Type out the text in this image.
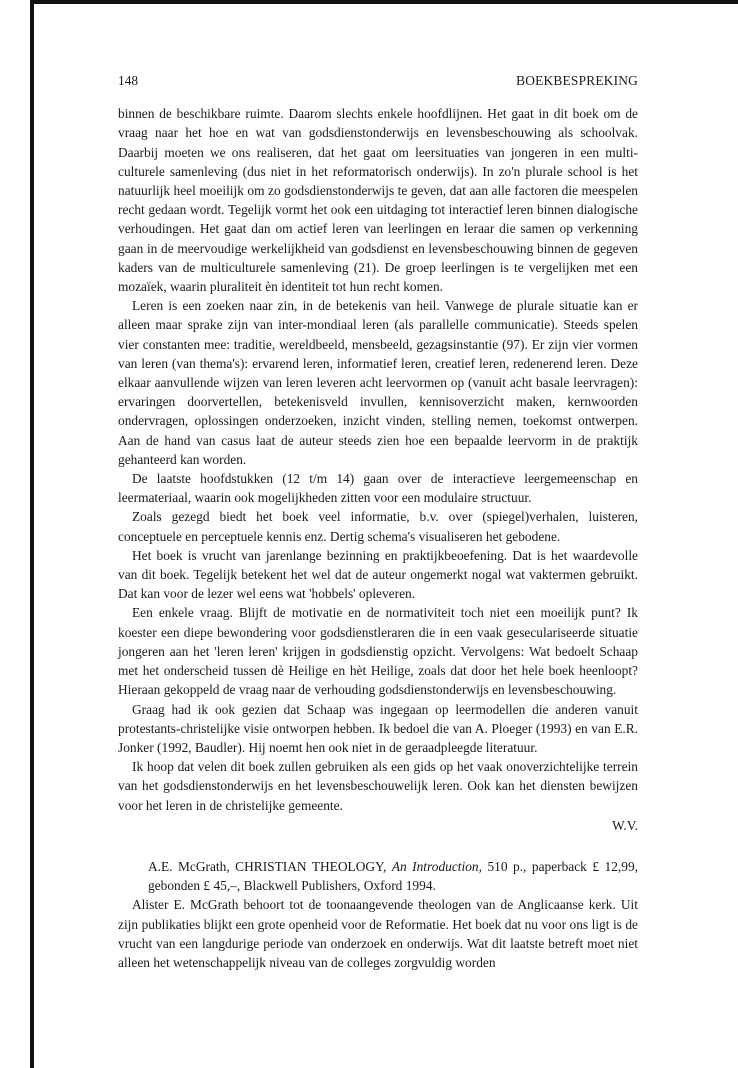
148	BOEKBESPREKING

binnen de beschikbare ruimte. Daarom slechts enkele hoofdlijnen. Het gaat in dit boek om de vraag naar het hoe en wat van godsdienstonderwijs en levensbeschouwing als schoolvak. Daarbij moeten we ons realiseren, dat het gaat om leersituaties van jongeren in een multi-culturele samenleving (dus niet in het reformatorisch onderwijs). In zo'n plurale school is het natuurlijk heel moeilijk om zo godsdienstonderwijs te geven, dat aan alle factoren die meespelen recht gedaan wordt. Tegelijk vormt het ook een uitdaging tot interactief leren binnen dialogische verhoudingen. Het gaat dan om actief leren van leerlingen en leraar die samen op verkenning gaan in de meervoudige werkelijkheid van godsdienst en levensbeschouwing binnen de gegeven kaders van de multiculturele samenleving (21). De groep leerlingen is te vergelijken met een mozaïek, waarin pluraliteit èn identiteit tot hun recht komen.

Leren is een zoeken naar zin, in de betekenis van heil. Vanwege de plurale situatie kan er alleen maar sprake zijn van inter-mondiaal leren (als parallelle communicatie). Steeds spelen vier constanten mee: traditie, wereldbeeld, mensbeeld, gezagsinstantie (97). Er zijn vier vormen van leren (van thema's): ervarend leren, informatief leren, creatief leren, redenerend leren. Deze elkaar aanvullende wijzen van leren leveren acht leervormen op (vanuit acht basale leervragen): ervaringen doorvertellen, betekenisveld invullen, kennisoverzicht maken, kernwoorden ondervragen, oplossingen onderzoeken, inzicht vinden, stelling nemen, toekomst ontwerpen. Aan de hand van casus laat de auteur steeds zien hoe een bepaalde leervorm in de praktijk gehanteerd kan worden.

De laatste hoofdstukken (12 t/m 14) gaan over de interactieve leergemeenschap en leermateriaal, waarin ook mogelijkheden zitten voor een modulaire structuur.

Zoals gezegd biedt het boek veel informatie, b.v. over (spiegel)verhalen, luisteren, conceptuele en perceptuele kennis enz. Dertig schema's visualiseren het gebodene.

Het boek is vrucht van jarenlange bezinning en praktijkbeoefening. Dat is het waardevolle van dit boek. Tegelijk betekent het wel dat de auteur ongemerkt nogal wat vaktermen gebruikt. Dat kan voor de lezer wel eens wat 'hobbels' opleveren.

Een enkele vraag. Blijft de motivatie en de normativiteit toch niet een moeilijk punt? Ik koester een diepe bewondering voor godsdienstleraren die in een vaak geseculariseerde situatie jongeren aan het 'leren leren' krijgen in godsdienstig opzicht. Vervolgens: Wat bedoelt Schaap met het onderscheid tussen dè Heilige en hèt Heilige, zoals dat door het hele boek heenloopt? Hieraan gekoppeld de vraag naar de verhouding godsdienstonderwijs en levensbeschouwing.

Graag had ik ook gezien dat Schaap was ingegaan op leermodellen die anderen vanuit protestants-christelijke visie ontworpen hebben. Ik bedoel die van A. Ploeger (1993) en van E.R. Jonker (1992, Baudler). Hij noemt hen ook niet in de geraadpleegde literatuur.

Ik hoop dat velen dit boek zullen gebruiken als een gids op het vaak onoverzichtelijke terrein van het godsdienstonderwijs en het levensbeschouwelijk leren. Ook kan het diensten bewijzen voor het leren in de christelijke gemeente.

W.V.

A.E. McGrath, CHRISTIAN THEOLOGY, An Introduction, 510 p., paperback £ 12,99, gebonden £ 45,–, Blackwell Publishers, Oxford 1994.

Alister E. McGrath behoort tot de toonaangevende theologen van de Anglicaanse kerk. Uit zijn publikaties blijkt een grote openheid voor de Reformatie. Het boek dat nu voor ons ligt is de vrucht van een langdurige periode van onderzoek en onderwijs. Wat dit laatste betreft moet niet alleen het wetenschappelijk niveau van de colleges zorgvuldig worden
